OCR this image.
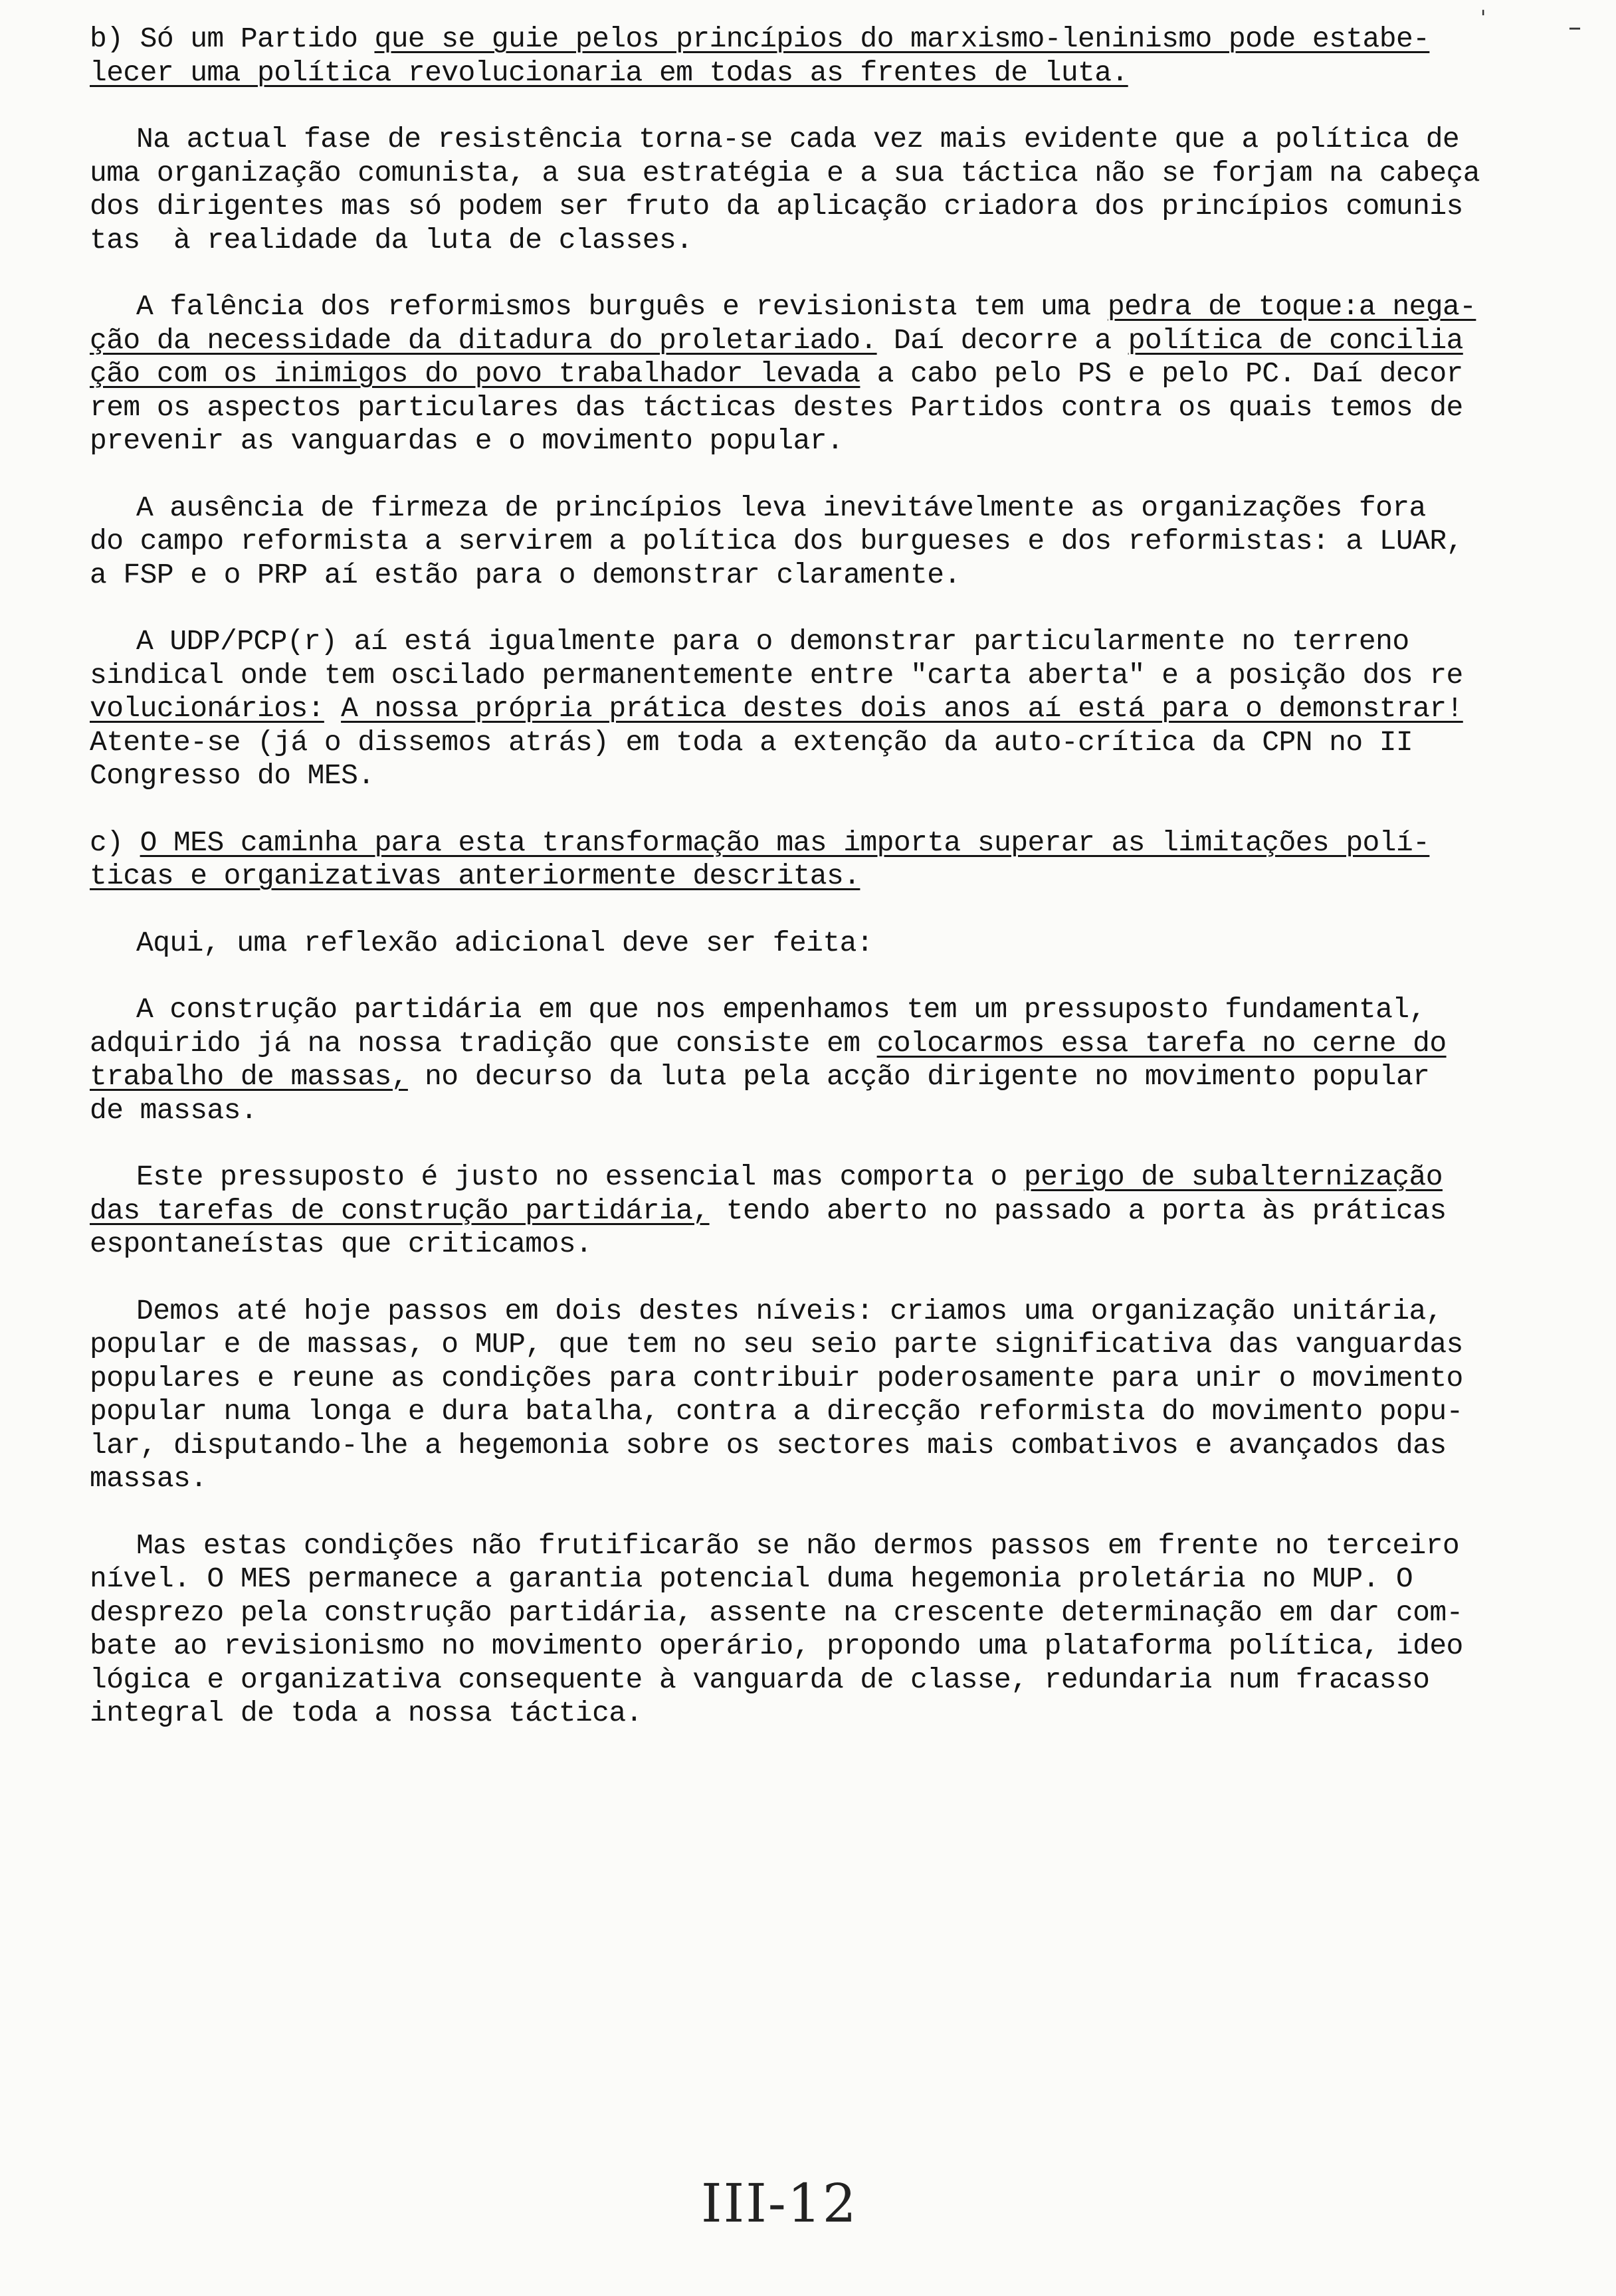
'	–
b) Só um Partido que se guie pelos princípios do marxismo-leninismo pode estabe-
lecer uma política revolucionaria em todas as frentes de luta.
Na actual fase de resistência torna-se cada vez mais evidente que a política de
uma organização comunista, a sua estratégia e a sua táctica não se forjam na cabeça
dos dirigentes mas só podem ser fruto da aplicação criadora dos princípios comunis
tas  à realidade da luta de classes.
A falência dos reformismos burguês e revisionista tem uma pedra de toque:a nega-
ção da necessidade da ditadura do proletariado. Daí decorre a política de concilia
ção com os inimigos do povo trabalhador levada a cabo pelo PS e pelo PC. Daí decor
rem os aspectos particulares das tácticas destes Partidos contra os quais temos de
prevenir as vanguardas e o movimento popular.
A ausência de firmeza de princípios leva inevitávelmente as organizações fora
do campo reformista a servirem a política dos burgueses e dos reformistas: a LUAR,
a FSP e o PRP aí estão para o demonstrar claramente.
A UDP/PCP(r) aí está igualmente para o demonstrar particularmente no terreno
sindical onde tem oscilado permanentemente entre "carta aberta" e a posição dos re
volucionários: A nossa própria prática destes dois anos aí está para o demonstrar!
Atente-se (já o dissemos atrás) em toda a extenção da auto-crítica da CPN no II
Congresso do MES.
c) O MES caminha para esta transformação mas importa superar as limitações polí-
ticas e organizativas anteriormente descritas.
Aqui, uma reflexão adicional deve ser feita:
A construção partidária em que nos empenhamos tem um pressuposto fundamental,
adquirido já na nossa tradição que consiste em colocarmos essa tarefa no cerne do
trabalho de massas, no decurso da luta pela acção dirigente no movimento popular
de massas.
Este pressuposto é justo no essencial mas comporta o perigo de subalternização
das tarefas de construção partidária, tendo aberto no passado a porta às práticas
espontaneístas que criticamos.
Demos até hoje passos em dois destes níveis: criamos uma organização unitária,
popular e de massas, o MUP, que tem no seu seio parte significativa das vanguardas
populares e reune as condições para contribuir poderosamente para unir o movimento
popular numa longa e dura batalha, contra a direcção reformista do movimento popu-
lar, disputando-lhe a hegemonia sobre os sectores mais combativos e avançados das
massas.
Mas estas condições não frutificarão se não dermos passos em frente no terceiro
nível. O MES permanece a garantia potencial duma hegemonia proletária no MUP. O
desprezo pela construção partidária, assente na crescente determinação em dar com-
bate ao revisionismo no movimento operário, propondo uma plataforma política, ideo
lógica e organizativa consequente à vanguarda de classe, redundaria num fracasso
integral de toda a nossa táctica.
III-12
